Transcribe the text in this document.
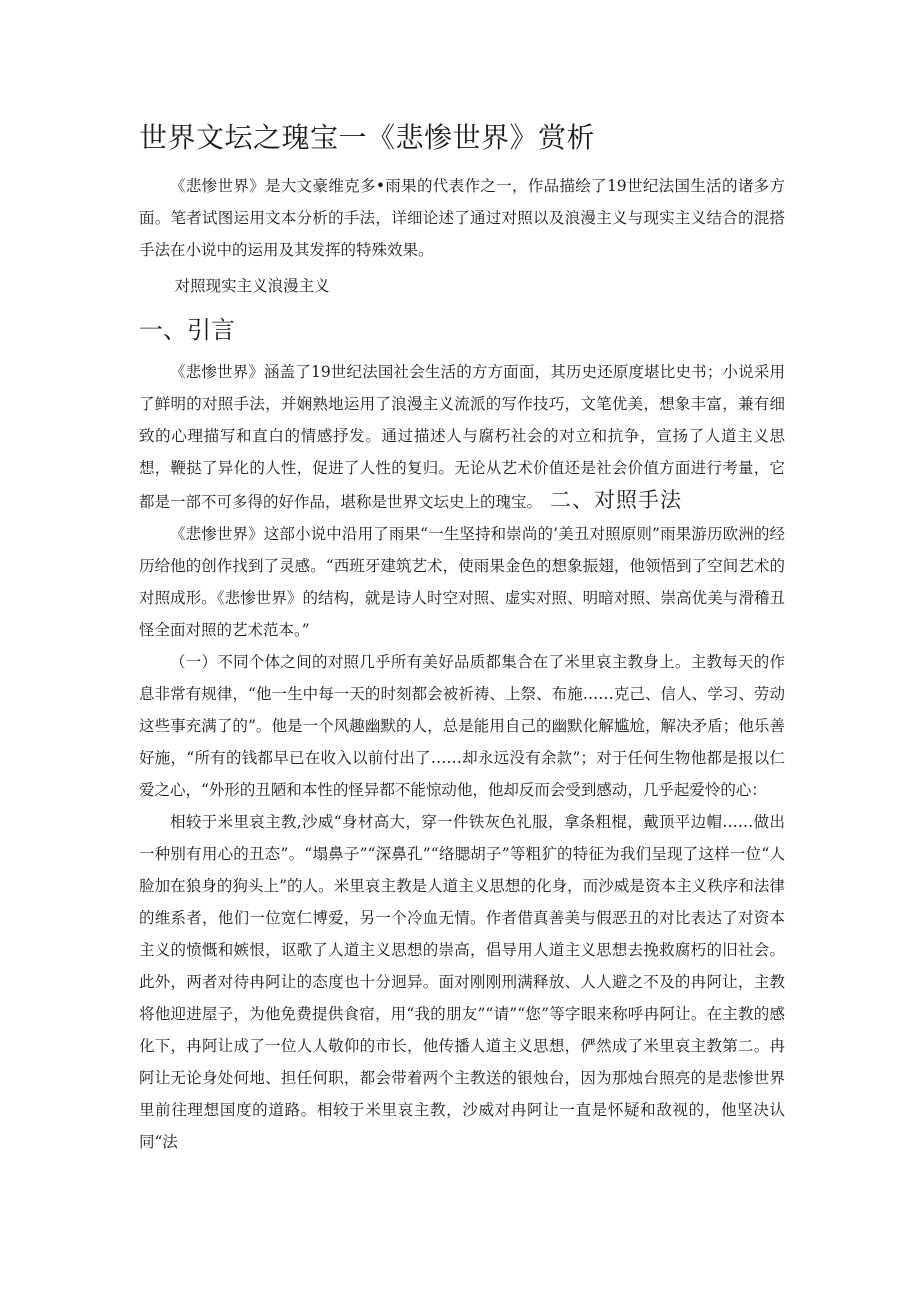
世界文坛之瑰宝一《悲惨世界》赏析

《悲惨世界》是大文豪维克多•雨果的代表作之一，作品描绘了19世纪法国生活的诸多方面。笔者试图运用文本分析的手法，详细论述了通过对照以及浪漫主义与现实主义结合的混搭手法在小说中的运用及其发挥的特殊效果。

对照现实主义浪漫主义

一、引言

《悲惨世界》涵盖了19世纪法国社会生活的方方面面，其历史还原度堪比史书；小说采用了鲜明的对照手法，并娴熟地运用了浪漫主义流派的写作技巧，文笔优美，想象丰富，兼有细致的心理描写和直白的情感抒发。通过描述人与腐朽社会的对立和抗争，宣扬了人道主义思想，鞭挞了异化的人性，促进了人性的复归。无论从艺术价值还是社会价值方面进行考量，它都是一部不可多得的好作品，堪称是世界文坛史上的瑰宝。 二、对照手法

《悲惨世界》这部小说中沿用了雨果“一生坚持和崇尚的’美丑对照原则”雨果游历欧洲的经历给他的创作找到了灵感。“西班牙建筑艺术，使雨果金色的想象振翅，他领悟到了空间艺术的对照成形。《悲惨世界》的结构，就是诗人时空对照、虚实对照、明暗对照、崇高优美与滑稽丑怪全面对照的艺术范本。”

（一）不同个体之间的对照几乎所有美好品质都集合在了米里哀主教身上。主教每天的作息非常有规律，“他一生中每一天的时刻都会被祈祷、上祭、布施……克己、信人、学习、劳动这些事充满了的”。他是一个风趣幽默的人，总是能用自己的幽默化解尴尬，解决矛盾；他乐善好施，“所有的钱都早已在收入以前付出了……却永远没有余款”；对于任何生物他都是报以仁爱之心，“外形的丑陋和本性的怪异都不能惊动他，他却反而会受到感动，几乎起爱怜的心：

相较于米里哀主教,沙威“身材高大，穿一件铁灰色礼服，拿条粗棍，戴顶平边帽……做出一种别有用心的丑态”。“塌鼻子”“深鼻孔”“络腮胡子”等粗犷的特征为我们呈现了这样一位“人脸加在狼身的狗头上”的人。米里哀主教是人道主义思想的化身，而沙威是资本主义秩序和法律的维系者，他们一位宽仁博爱，另一个冷血无情。作者借真善美与假恶丑的对比表达了对资本主义的愤慨和嫉恨，讴歌了人道主义思想的崇高，倡导用人道主义思想去挽救腐朽的旧社会。此外，两者对待冉阿让的态度也十分迥异。面对刚刚刑满释放、人人避之不及的冉阿让，主教将他迎进屋子，为他免费提供食宿，用“我的朋友”“请”“您”等字眼来称呼冉阿让。在主教的感化下，冉阿让成了一位人人敬仰的市长，他传播人道主义思想，俨然成了米里哀主教第二。冉阿让无论身处何地、担任何职，都会带着两个主教送的银烛台，因为那烛台照亮的是悲惨世界里前往理想国度的道路。相较于米里哀主教，沙威对冉阿让一直是怀疑和敌视的，他坚决认同“法
